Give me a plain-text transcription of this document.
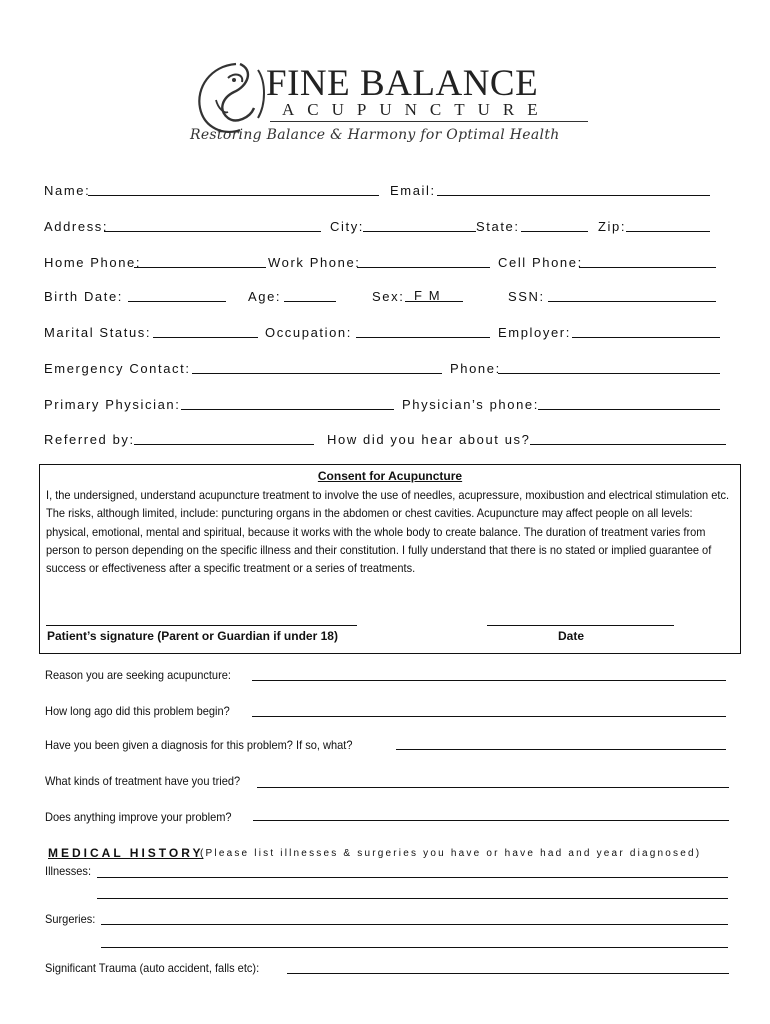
FINE BALANCE
ACUPUNCTURE
Restoring Balance & Harmony for Optimal Health
Name:	Email:
Address:	City:	State:	Zip:
Home Phone:	Work Phone:	Cell Phone:
Birth Date:	Age:	Sex: F M	SSN:
Marital Status:	Occupation:	Employer:
Emergency Contact:	Phone:
Primary Physician:	Physician’s phone:
Referred by:	How did you hear about us?
Consent for Acupuncture
I, the undersigned, understand acupuncture treatment to involve the use of needles, acupressure, moxibustion and electrical stimulation etc. The risks, although limited, include: puncturing organs in the abdomen or chest cavities. Acupuncture may affect people on all levels: physical, emotional, mental and spiritual, because it works with the whole body to create balance. The duration of treatment varies from person to person depending on the specific illness and their constitution. I fully understand that there is no stated or implied guarantee of success or effectiveness after a specific treatment or a series of treatments.
Patient’s signature (Parent or Guardian if under 18)	Date
Reason you are seeking acupuncture:
How long ago did this problem begin?
Have you been given a diagnosis for this problem? If so, what?
What kinds of treatment have you tried?
Does anything improve your problem?
MEDICAL HISTORY
(Please list illnesses & surgeries you have or have had and year diagnosed)
Illnesses:
Surgeries:
Significant Trauma (auto accident, falls etc):
